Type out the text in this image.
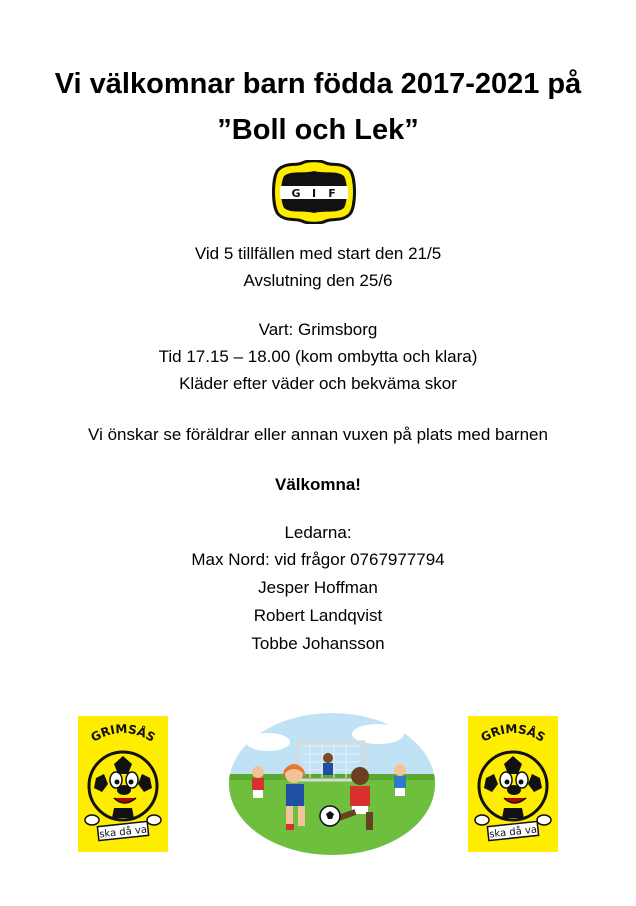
Vi välkomnar barn födda 2017-2021 på
”Boll och Lek”
G I F
Vid 5 tillfällen med start den 21/5
Avslutning den 25/6
Vart: Grimsborg
Tid 17.15 – 18.00 (kom ombytta och klara)
Kläder efter väder och bekväma skor
Vi önskar se föräldrar eller annan vuxen på plats med barnen
Välkomna!
Ledarna:
Max Nord: vid frågor 0767977794
Jesper Hoffman
Robert Landqvist
Tobbe Johansson
GRIMSÅS
ska då va
GRIMSÅS
ska då va
